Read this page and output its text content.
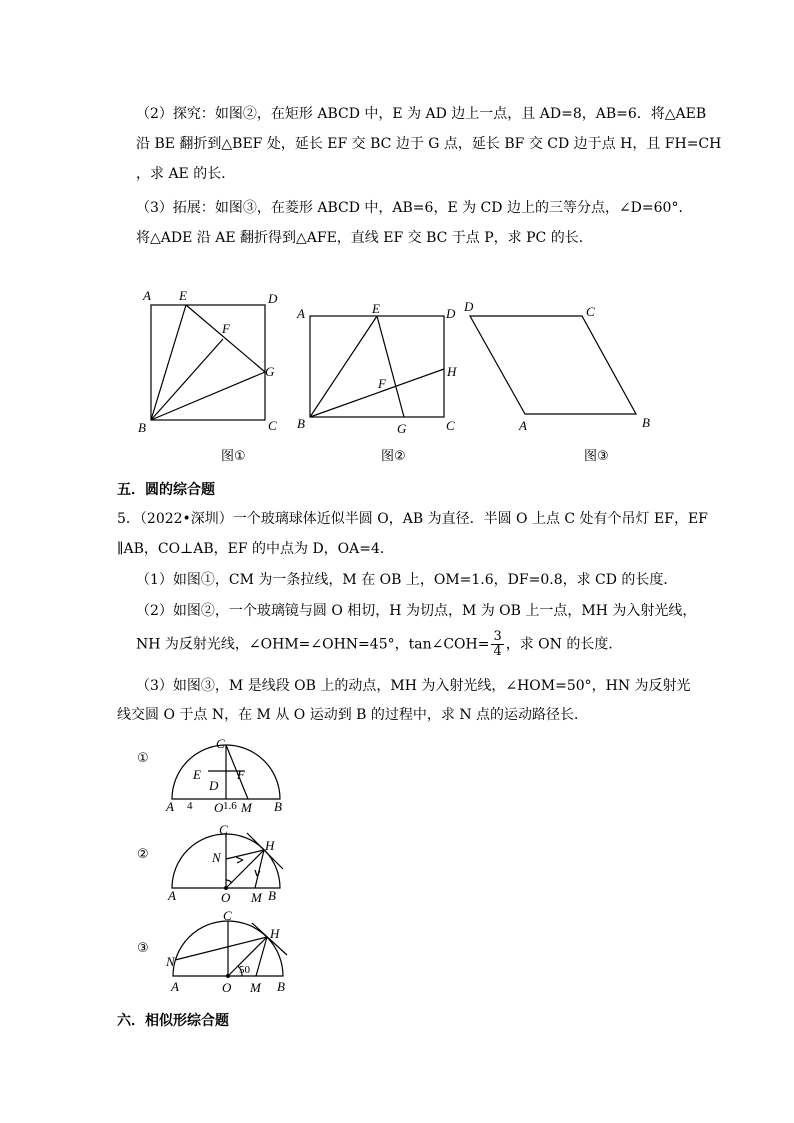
（2）探究：如图②，在矩形 ABCD 中，E 为 AD 边上一点，且 AD=8，AB=6．将△AEB
沿 BE 翻折到△BEF 处，延长 EF 交 BC 边于 G 点，延长 BF 交 CD 边于点 H，且 FH=CH
，求 AE 的长．
（3）拓展：如图③，在菱形 ABCD 中，AB=6，E 为 CD 边上的三等分点，∠D=60°．
将△ADE 沿 AE 翻折得到△AFE，直线 EF 交 BC 于点 P，求 PC 的长．
A E	D
F
G
B	C
图①
A	E	D
H
F
B	G	C
图②
D	C
A	B
图③
五．圆的综合题
5．（2022•深圳）一个玻璃球体近似半圆 O，AB 为直径．半圆 O 上点 C 处有个吊灯 EF，EF
∥AB，CO⊥AB，EF 的中点为 D，OA=4．
（1）如图①，CM 为一条拉线，M 在 OB 上，OM=1.6，DF=0.8，求 CD 的长度．
（2）如图②，一个玻璃镜与圆 O 相切，H 为切点，M 为 OB 上一点，MH 为入射光线，
NH 为反射光线，∠OHM=∠OHN=45°，tan∠COH= $\frac{3}{4}$ ，求 ON 的长度．
（3）如图③，M 是线段 OB 上的动点，MH 为入射光线，∠HOM=50°，HN 为反射光
线交圆 O 于点 N，在 M 从 O 运动到 B 的过程中，求 N 点的运动路径长．
①
C
E	F
D
A 4 O 1.6 M B
②
C
H
N
A	O M B
③
C
H
N
50
A	O M B
六．相似形综合题
